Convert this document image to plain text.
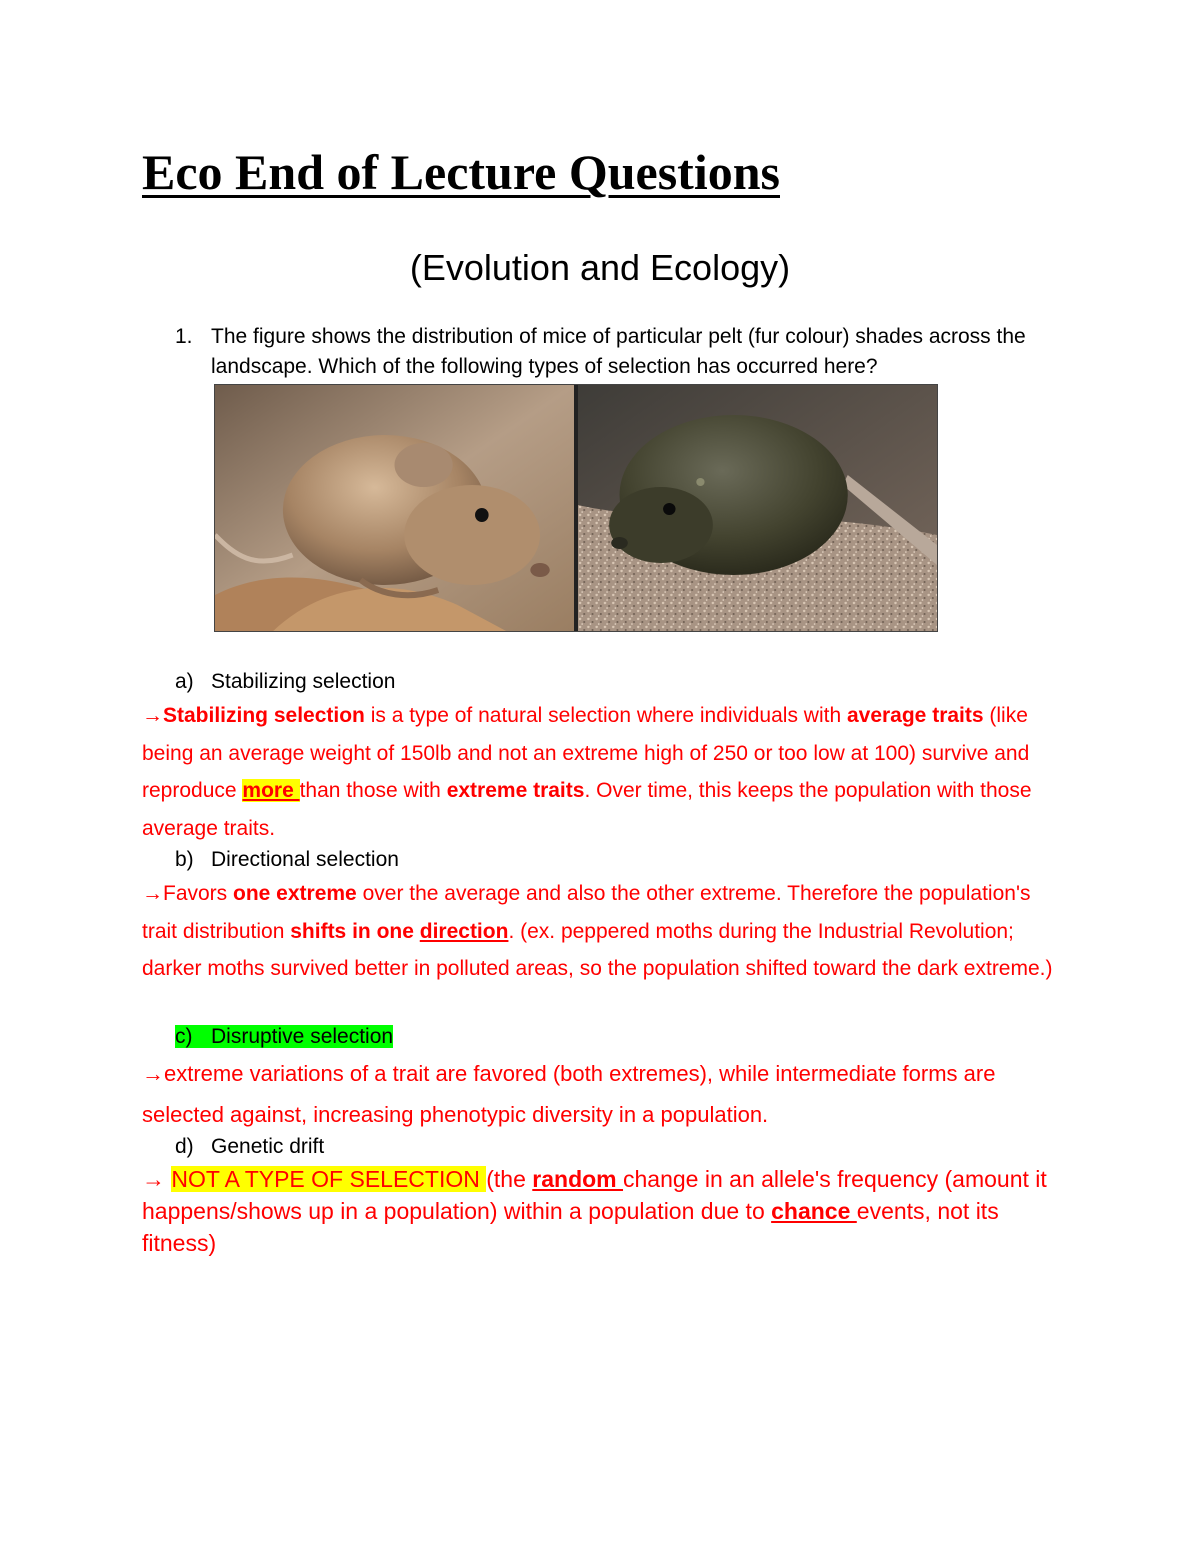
Eco End of Lecture Questions

(Evolution and Ecology)

1. The figure shows the distribution of mice of particular pelt (fur colour) shades across the landscape. Which of the following types of selection has occurred here?

a) Stabilizing selection

→Stabilizing selection is a type of natural selection where individuals with average traits (like being an average weight of 150lb and not an extreme high of 250 or too low at 100) survive and reproduce more than those with extreme traits. Over time, this keeps the population with those average traits.

b) Directional selection

→Favors one extreme over the average and also the other extreme. Therefore the population's trait distribution shifts in one direction. (ex. peppered moths during the Industrial Revolution; darker moths survived better in polluted areas, so the population shifted toward the dark extreme.)

c) Disruptive selection

→extreme variations of a trait are favored (both extremes), while intermediate forms are selected against, increasing phenotypic diversity in a population.

d) Genetic drift

→ NOT A TYPE OF SELECTION (the random change in an allele's frequency (amount it happens/shows up in a population) within a population due to chance events, not its fitness)
